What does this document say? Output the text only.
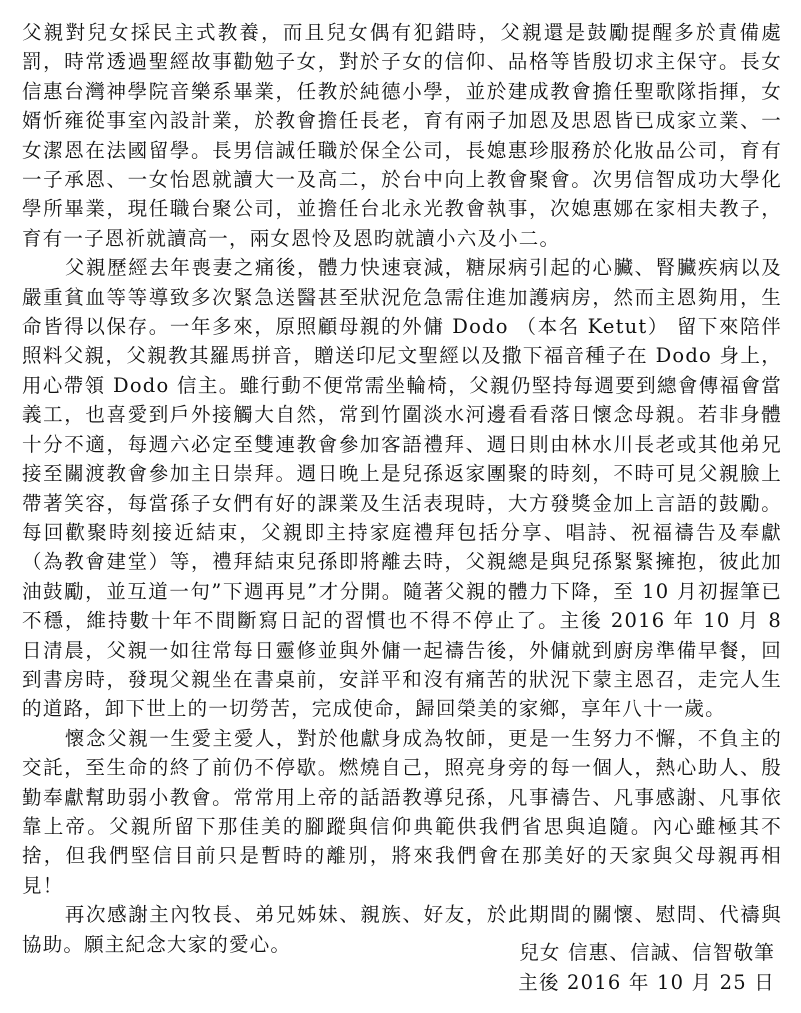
父親對兒女採民主式教養，而且兒女偶有犯錯時，父親還是鼓勵提醒多於責備處罰，時常透過聖經故事勸勉子女，對於子女的信仰、品格等皆殷切求主保守。長女信惠台灣神學院音樂系畢業，任教於純德小學，並於建成教會擔任聖歌隊指揮，女婿忻雍從事室內設計業，於教會擔任長老，育有兩子加恩及思恩皆已成家立業、一女潔恩在法國留學。長男信誠任職於保全公司，長媳惠珍服務於化妝品公司，育有一子承恩、一女怡恩就讀大一及高二，於台中向上教會聚會。次男信智成功大學化學所畢業，現任職台聚公司，並擔任台北永光教會執事，次媳惠娜在家相夫教子，育有一子恩祈就讀高一，兩女恩怜及恩昀就讀小六及小二。

父親歷經去年喪妻之痛後，體力快速衰減，糖尿病引起的心臟、腎臟疾病以及嚴重貧血等等導致多次緊急送醫甚至狀況危急需住進加護病房，然而主恩夠用，生命皆得以保存。一年多來，原照顧母親的外傭 Dodo （本名 Ketut） 留下來陪伴照料父親，父親教其羅馬拼音，贈送印尼文聖經以及撒下福音種子在 Dodo 身上，用心帶領 Dodo 信主。雖行動不便常需坐輪椅，父親仍堅持每週要到總會傳福會當義工，也喜愛到戶外接觸大自然，常到竹圍淡水河邊看看落日懷念母親。若非身體十分不適，每週六必定至雙連教會參加客語禮拜、週日則由林水川長老或其他弟兄接至關渡教會參加主日崇拜。週日晚上是兒孫返家團聚的時刻，不時可見父親臉上帶著笑容，每當孫子女們有好的課業及生活表現時，大方發獎金加上言語的鼓勵。每回歡聚時刻接近結束，父親即主持家庭禮拜包括分享、唱詩、祝福禱告及奉獻（為教會建堂）等，禮拜結束兒孫即將離去時，父親總是與兒孫緊緊擁抱，彼此加油鼓勵，並互道一句”下週再見”才分開。隨著父親的體力下降，至 10 月初握筆已不穩，維持數十年不間斷寫日記的習慣也不得不停止了。主後 2016 年 10 月 8 日清晨，父親一如往常每日靈修並與外傭一起禱告後，外傭就到廚房準備早餐，回到書房時，發現父親坐在書桌前，安詳平和沒有痛苦的狀況下蒙主恩召，走完人生的道路，卸下世上的一切勞苦，完成使命，歸回榮美的家鄉，享年八十一歲。

懷念父親一生愛主愛人，對於他獻身成為牧師，更是一生努力不懈，不負主的交託，至生命的終了前仍不停歇。燃燒自己，照亮身旁的每一個人，熱心助人、殷勤奉獻幫助弱小教會。常常用上帝的話語教導兒孫，凡事禱告、凡事感謝、凡事依靠上帝。父親所留下那佳美的腳蹤與信仰典範供我們省思與追隨。內心雖極其不捨，但我們堅信目前只是暫時的離別，將來我們會在那美好的天家與父母親再相見！

再次感謝主內牧長、弟兄姊妹、親族、好友，於此期間的關懷、慰問、代禱與協助。願主紀念大家的愛心。	兒女 信惠、信誠、信智敬筆
主後 2016 年 10 月 25 日
